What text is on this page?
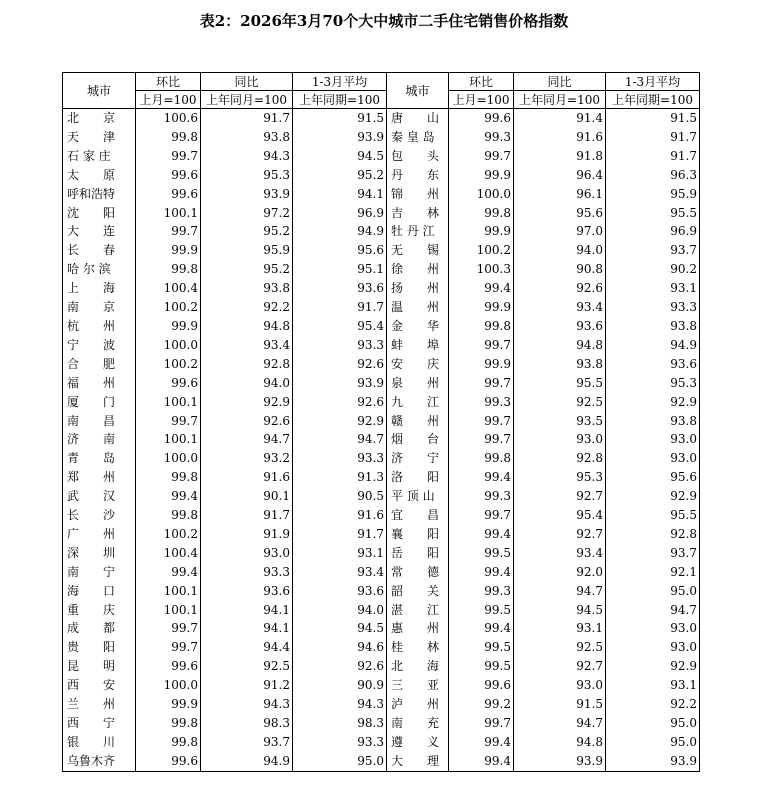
表2：2026年3月70个大中城市二手住宅销售价格指数
城市	环比	同比	1-3月平均	城市	环比	同比	1-3月平均
	上月=100	上年同月=100	上年同期=100		上月=100	上年同月=100	上年同期=100
北　　京	100.6	91.7	91.5	唐　　山	99.6	91.4	91.5
天　　津	99.8	93.8	93.9	秦 皇 岛	99.3	91.6	91.7
石 家 庄	99.7	94.3	94.5	包　　头	99.7	91.8	91.7
太　　原	99.6	95.3	95.2	丹　　东	99.9	96.4	96.3
呼和浩特	99.6	93.9	94.1	锦　　州	100.0	96.1	95.9
沈　　阳	100.1	97.2	96.9	吉　　林	99.8	95.6	95.5
大　　连	99.7	95.2	94.9	牡 丹 江	99.9	97.0	96.9
长　　春	99.9	95.9	95.6	无　　锡	100.2	94.0	93.7
哈 尔 滨	99.8	95.2	95.1	徐　　州	100.3	90.8	90.2
上　　海	100.4	93.8	93.6	扬　　州	99.4	92.6	93.1
南　　京	100.2	92.2	91.7	温　　州	99.9	93.4	93.3
杭　　州	99.9	94.8	95.4	金　　华	99.8	93.6	93.8
宁　　波	100.0	93.4	93.3	蚌　　埠	99.7	94.8	94.9
合　　肥	100.2	92.8	92.6	安　　庆	99.9	93.8	93.6
福　　州	99.6	94.0	93.9	泉　　州	99.7	95.5	95.3
厦　　门	100.1	92.9	92.6	九　　江	99.3	92.5	92.9
南　　昌	99.7	92.6	92.9	赣　　州	99.7	93.5	93.8
济　　南	100.1	94.7	94.7	烟　　台	99.7	93.0	93.0
青　　岛	100.0	93.2	93.3	济　　宁	99.8	92.8	93.0
郑　　州	99.8	91.6	91.3	洛　　阳	99.4	95.3	95.6
武　　汉	99.4	90.1	90.5	平 顶 山	99.3	92.7	92.9
长　　沙	99.8	91.7	91.6	宜　　昌	99.7	95.4	95.5
广　　州	100.2	91.9	91.7	襄　　阳	99.4	92.7	92.8
深　　圳	100.4	93.0	93.1	岳　　阳	99.5	93.4	93.7
南　　宁	99.4	93.3	93.4	常　　德	99.4	92.0	92.1
海　　口	100.1	93.6	93.6	韶　　关	99.3	94.7	95.0
重　　庆	100.1	94.1	94.0	湛　　江	99.5	94.5	94.7
成　　都	99.7	94.1	94.5	惠　　州	99.4	93.1	93.0
贵　　阳	99.7	94.4	94.6	桂　　林	99.5	92.5	93.0
昆　　明	99.6	92.5	92.6	北　　海	99.5	92.7	92.9
西　　安	100.0	91.2	90.9	三　　亚	99.6	93.0	93.1
兰　　州	99.9	94.3	94.3	泸　　州	99.2	91.5	92.2
西　　宁	99.8	98.3	98.3	南　　充	99.7	94.7	95.0
银　　川	99.8	93.7	93.3	遵　　义	99.4	94.8	95.0
乌鲁木齐	99.6	94.9	95.0	大　　理	99.4	93.9	93.9
